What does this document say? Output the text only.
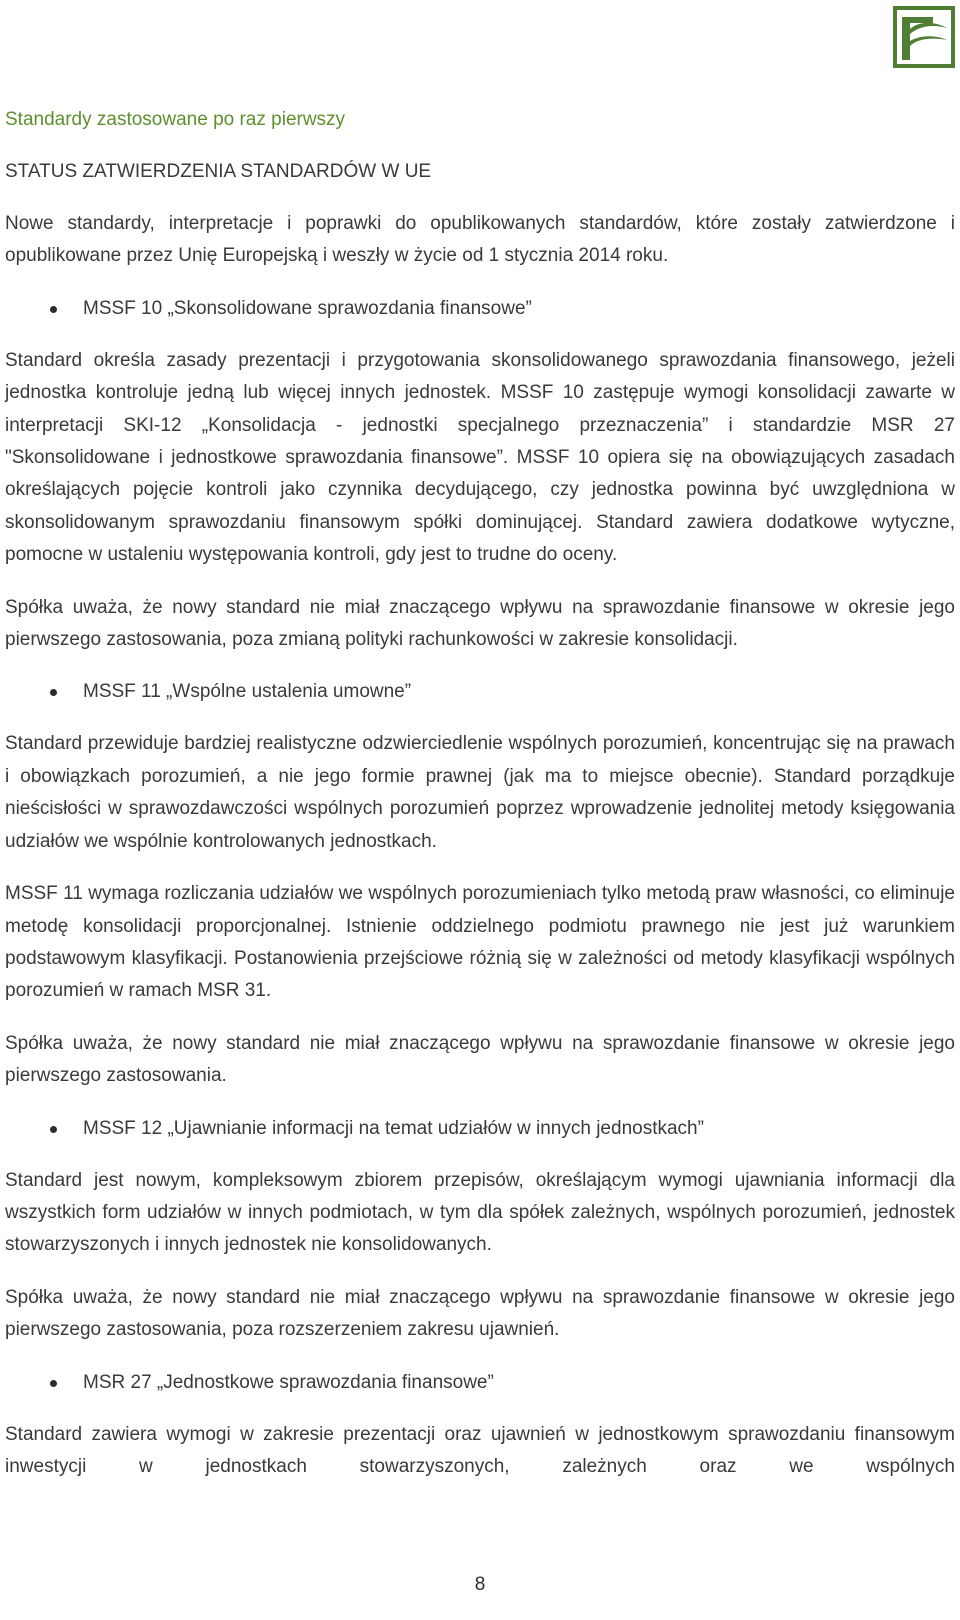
Standardy zastosowane po raz pierwszy
STATUS ZATWIERDZENIA STANDARDÓW W UE
Nowe standardy, interpretacje i poprawki do opublikowanych standardów, które zostały zatwierdzone i opublikowane przez Unię Europejską i weszły w życie od 1 stycznia 2014 roku.
MSSF 10 „Skonsolidowane sprawozdania finansowe”
Standard określa zasady prezentacji i przygotowania skonsolidowanego sprawozdania finansowego, jeżeli jednostka kontroluje jedną lub więcej innych jednostek. MSSF 10 zastępuje wymogi konsolidacji zawarte w interpretacji SKI-12 „Konsolidacja - jednostki specjalnego przeznaczenia” i standardzie MSR 27 "Skonsolidowane i jednostkowe sprawozdania finansowe”. MSSF 10 opiera się na obowiązujących zasadach określających pojęcie kontroli jako czynnika decydującego, czy jednostka powinna być uwzględniona w skonsolidowanym sprawozdaniu finansowym spółki dominującej. Standard zawiera dodatkowe wytyczne, pomocne w ustaleniu występowania kontroli, gdy jest to trudne do oceny.
Spółka uważa, że nowy standard nie miał znaczącego wpływu na sprawozdanie finansowe w okresie jego pierwszego zastosowania, poza zmianą polityki rachunkowości w zakresie konsolidacji.
MSSF 11 „Wspólne ustalenia umowne”
Standard przewiduje bardziej realistyczne odzwierciedlenie wspólnych porozumień, koncentrując się na prawach i obowiązkach porozumień, a nie jego formie prawnej (jak ma to miejsce obecnie). Standard porządkuje nieścisłości w sprawozdawczości wspólnych porozumień poprzez wprowadzenie jednolitej metody księgowania udziałów we wspólnie kontrolowanych jednostkach.
MSSF 11 wymaga rozliczania udziałów we wspólnych porozumieniach tylko metodą praw własności, co eliminuje metodę konsolidacji proporcjonalnej. Istnienie oddzielnego podmiotu prawnego nie jest już warunkiem podstawowym klasyfikacji. Postanowienia przejściowe różnią się w zależności od metody klasyfikacji wspólnych porozumień w ramach MSR 31.
Spółka uważa, że nowy standard nie miał znaczącego wpływu na sprawozdanie finansowe w okresie jego pierwszego zastosowania.
MSSF 12 „Ujawnianie informacji na temat udziałów w innych jednostkach”
Standard jest nowym, kompleksowym zbiorem przepisów, określającym wymogi ujawniania informacji dla wszystkich form udziałów w innych podmiotach, w tym dla spółek zależnych, wspólnych porozumień, jednostek stowarzyszonych i innych jednostek nie konsolidowanych.
Spółka uważa, że nowy standard nie miał znaczącego wpływu na sprawozdanie finansowe w okresie jego pierwszego zastosowania, poza rozszerzeniem zakresu ujawnień.
MSR 27 „Jednostkowe sprawozdania finansowe”
Standard zawiera wymogi w zakresie prezentacji oraz ujawnień w jednostkowym sprawozdaniu finansowym inwestycji w jednostkach stowarzyszonych, zależnych oraz we wspólnych
8
